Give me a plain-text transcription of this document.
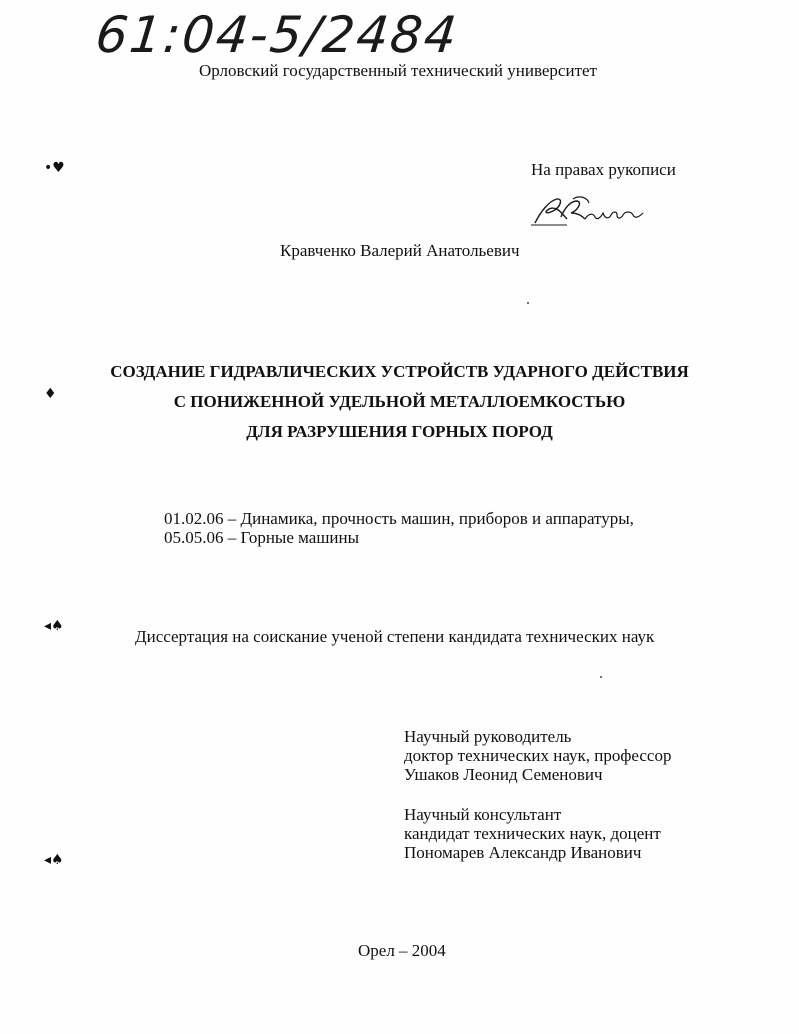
61:04-5/2484
Орловский государственный технический университет
•♥	На правах рукописи
Кравченко Валерий Анатольевич
СОЗДАНИЕ ГИДРАВЛИЧЕСКИХ УСТРОЙСТВ УДАРНОГО ДЕЙСТВИЯ
С ПОНИЖЕННОЙ УДЕЛЬНОЙ МЕТАЛЛОЕМКОСТЬЮ
ДЛЯ РАЗРУШЕНИЯ ГОРНЫХ ПОРОД
♦
01.02.06 – Динамика, прочность машин, приборов и аппаратуры,
05.05.06 – Горные машины
◂♠
Диссертация на соискание ученой степени кандидата технических наук
Научный руководитель
доктор технических наук, профессор
Ушаков Леонид Семенович
Научный консультант
кандидат технических наук, доцент
Пономарев Александр Иванович
◂♠
Орел – 2004
